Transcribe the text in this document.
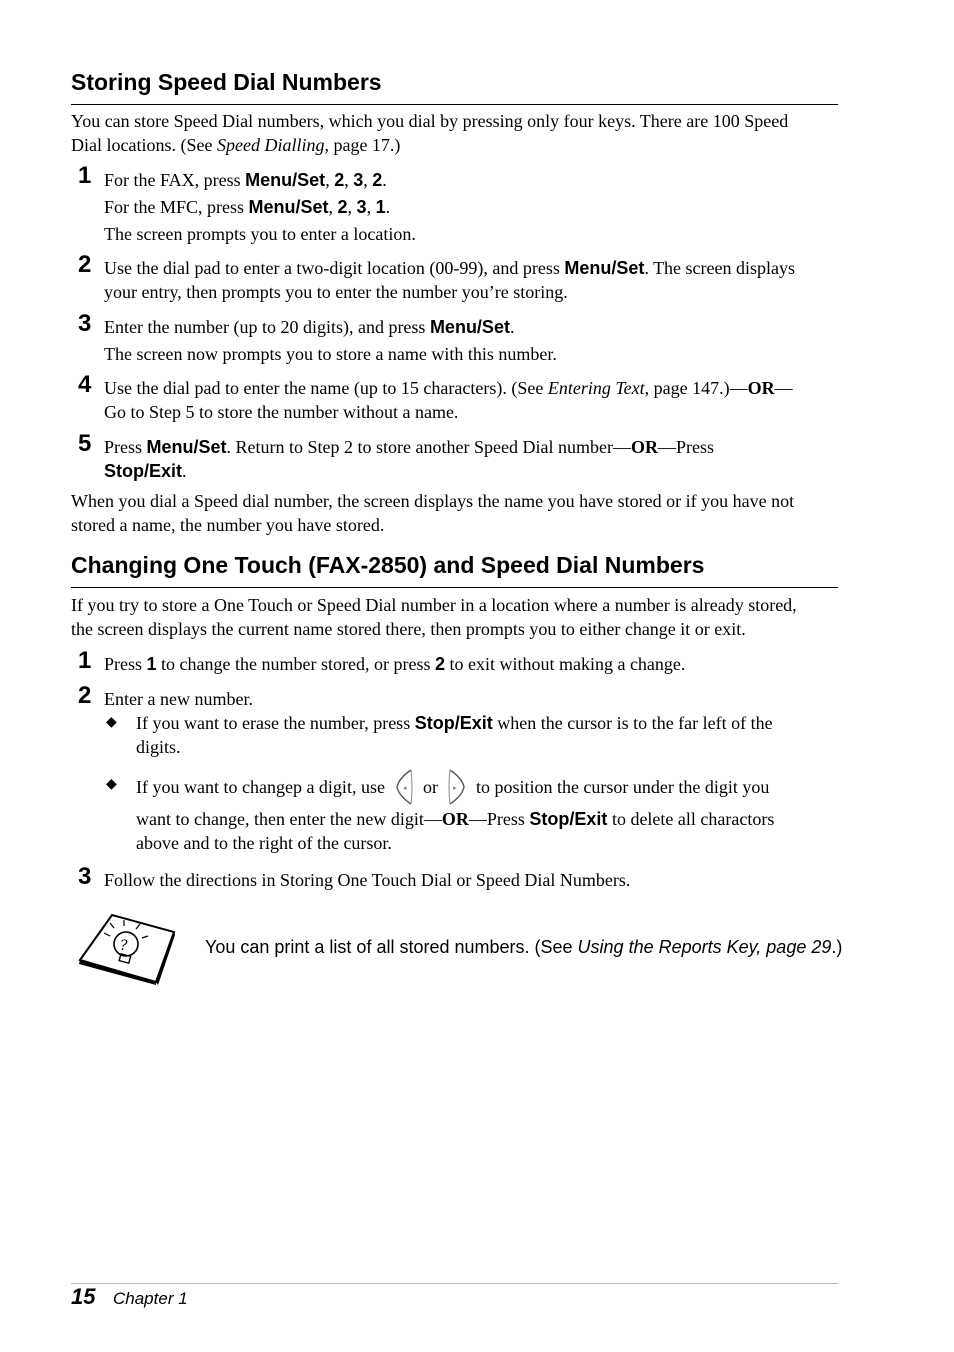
Storing Speed Dial Numbers
You can store Speed Dial numbers, which you dial by pressing only four keys. There are 100 Speed
Dial locations. (See Speed Dialling, page 17.)
1 For the FAX, press Menu/Set, 2, 3, 2.
For the MFC, press Menu/Set, 2, 3, 1.
The screen prompts you to enter a location.
2 Use the dial pad to enter a two-digit location (00-99), and press Menu/Set. The screen displays
your entry, then prompts you to enter the number you’re storing.
3 Enter the number (up to 20 digits), and press Menu/Set.
The screen now prompts you to store a name with this number.
4 Use the dial pad to enter the name (up to 15 characters). (See Entering Text, page 147.)—OR—
Go to Step 5 to store the number without a name.
5 Press Menu/Set. Return to Step 2 to store another Speed Dial number—OR—Press
Stop/Exit.
When you dial a Speed dial number, the screen displays the name you have stored or if you have not
stored a name, the number you have stored.
Changing One Touch (FAX-2850) and Speed Dial Numbers
If you try to store a One Touch or Speed Dial number in a location where a number is already stored,
the screen displays the current name stored there, then prompts you to either change it or exit.
1 Press 1 to change the number stored, or press 2 to exit without making a change.
2 Enter a new number.
◆ If you want to erase the number, press Stop/Exit when the cursor is to the far left of the
digits.
◆ If you want to changep a digit, use	◂ or ▸ to position the cursor under the digit you
want to change, then enter the new digit—OR—Press Stop/Exit to delete all charactors
above and to the right of the cursor.
3 Follow the directions in Storing One Touch Dial or Speed Dial Numbers.
?	You can print a list of all stored numbers. (See Using the Reports Key, page 29.)
15 Chapter 1
